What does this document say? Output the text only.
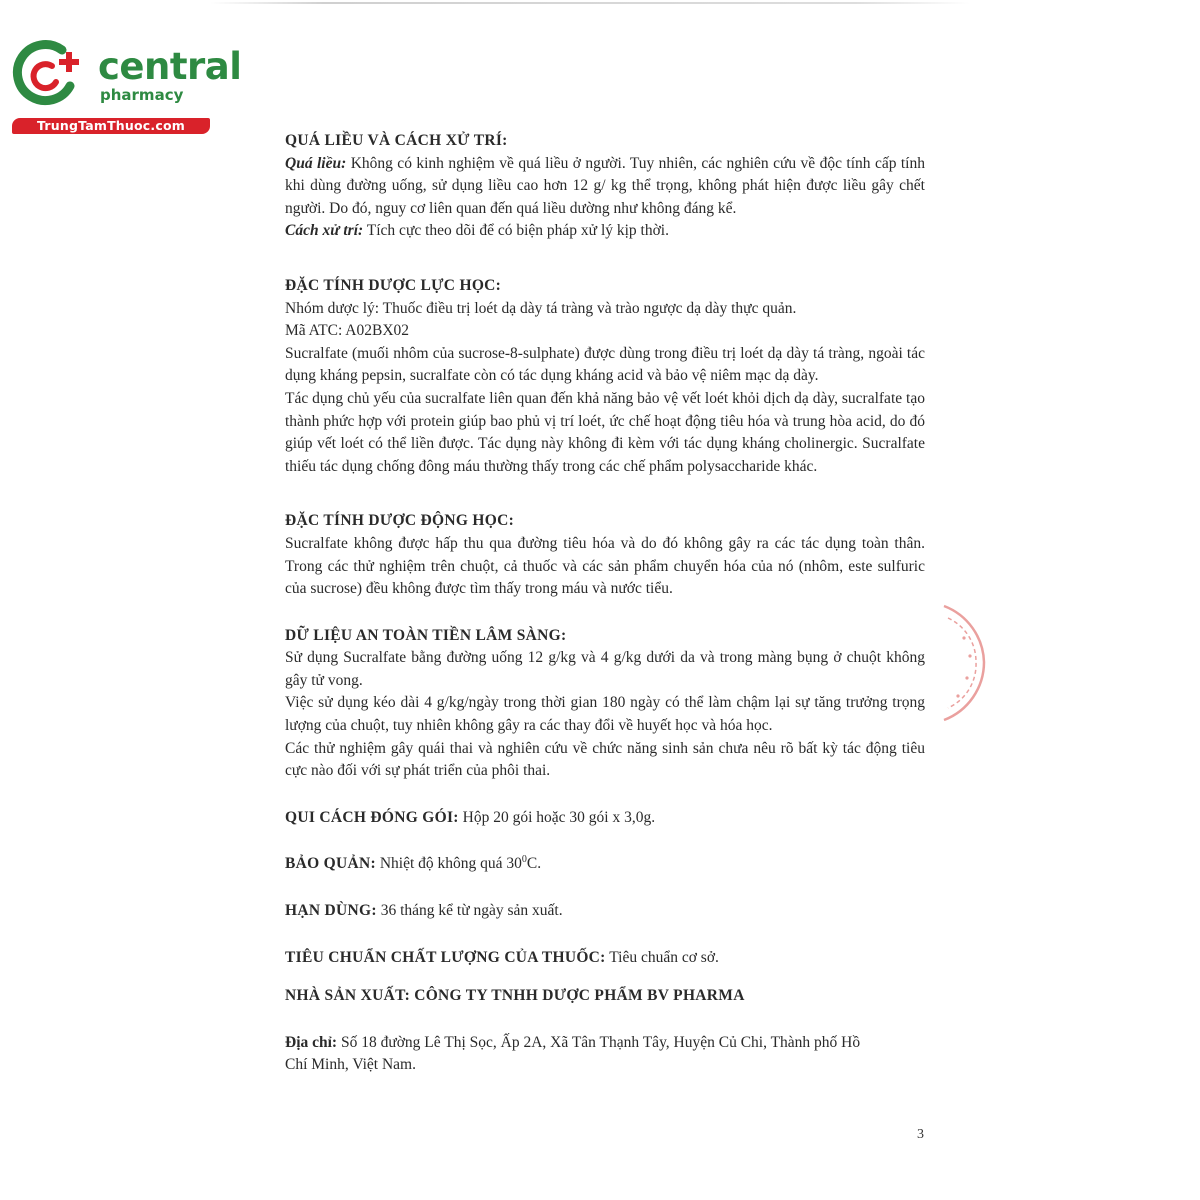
central
pharmacy
TrungTamThuoc.com

QUÁ LIỀU VÀ CÁCH XỬ TRÍ:

Quá liều: Không có kinh nghiệm về quá liều ở người. Tuy nhiên, các nghiên cứu về độc tính cấp tính khi dùng đường uống, sử dụng liều cao hơn 12 g/ kg thể trọng, không phát hiện được liều gây chết người. Do đó, nguy cơ liên quan đến quá liều dường như không đáng kể.

Cách xử trí: Tích cực theo dõi để có biện pháp xử lý kịp thời.

ĐẶC TÍNH DƯỢC LỰC HỌC:

Nhóm dược lý: Thuốc điều trị loét dạ dày tá tràng và trào ngược dạ dày thực quản.

Mã ATC: A02BX02

Sucralfate (muối nhôm của sucrose-8-sulphate) được dùng trong điều trị loét dạ dày tá tràng, ngoài tác dụng kháng pepsin, sucralfate còn có tác dụng kháng acid và bảo vệ niêm mạc dạ dày.

Tác dụng chủ yếu của sucralfate liên quan đến khả năng bảo vệ vết loét khỏi dịch dạ dày, sucralfate tạo thành phức hợp với protein giúp bao phủ vị trí loét, ức chế hoạt động tiêu hóa và trung hòa acid, do đó giúp vết loét có thể liền được. Tác dụng này không đi kèm với tác dụng kháng cholinergic. Sucralfate thiếu tác dụng chống đông máu thường thấy trong các chế phẩm polysaccharide khác.

ĐẶC TÍNH DƯỢC ĐỘNG HỌC:

Sucralfate không được hấp thu qua đường tiêu hóa và do đó không gây ra các tác dụng toàn thân. Trong các thử nghiệm trên chuột, cả thuốc và các sản phẩm chuyển hóa của nó (nhôm, este sulfuric của sucrose) đều không được tìm thấy trong máu và nước tiểu.

DỮ LIỆU AN TOÀN TIỀN LÂM SÀNG:

Sử dụng Sucralfate bằng đường uống 12 g/kg và 4 g/kg dưới da và trong màng bụng ở chuột không gây tử vong.

Việc sử dụng kéo dài 4 g/kg/ngày trong thời gian 180 ngày có thể làm chậm lại sự tăng trưởng trọng lượng của chuột, tuy nhiên không gây ra các thay đổi về huyết học và hóa học.

Các thử nghiệm gây quái thai và nghiên cứu về chức năng sinh sản chưa nêu rõ bất kỳ tác động tiêu cực nào đối với sự phát triển của phôi thai.

QUI CÁCH ĐÓNG GÓI: Hộp 20 gói hoặc 30 gói x 3,0g.

BẢO QUẢN: Nhiệt độ không quá $30^0C$.

HẠN DÙNG: 36 tháng kể từ ngày sản xuất.

TIÊU CHUẨN CHẤT LƯỢNG CỦA THUỐC: Tiêu chuẩn cơ sở.

NHÀ SẢN XUẤT: CÔNG TY TNHH DƯỢC PHẨM BV PHARMA

Địa chỉ: Số 18 đường Lê Thị Sọc, Ấp 2A, Xã Tân Thạnh Tây, Huyện Củ Chi, Thành phố Hồ Chí Minh, Việt Nam.

3
